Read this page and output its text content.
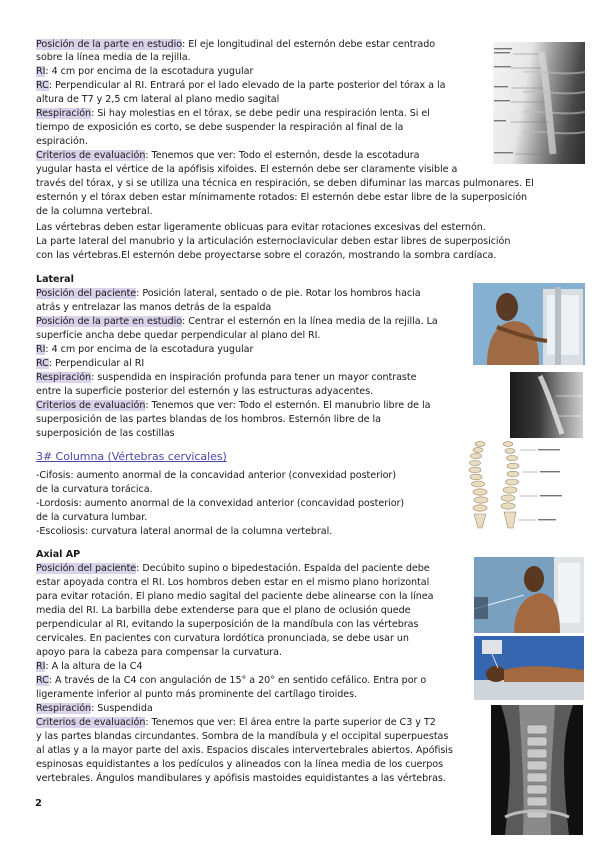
Posición de la parte en estudio: El eje longitudinal del esternón debe estar centrado
sobre la línea media de la rejilla.
RI: 4 cm por encima de la escotadura yugular
RC: Perpendicular al RI. Entrará por el lado elevado de la parte posterior del tórax a la
altura de T7 y 2,5 cm lateral al plano medio sagital
Respiración: Si hay molestias en el tórax, se debe pedir una respiración lenta. Si el
tiempo de exposición es corto, se debe suspender la respiración al final de la
espiración.
Criterios de evaluación: Tenemos que ver: Todo el esternón, desde la escotadura
yugular hasta el vértice de la apófisis xifoides. El esternón debe ser claramente visible a
través del tórax, y si se utiliza una técnica en respiración, se deben difuminar las marcas pulmonares. El
esternón y el tórax deben estar mínimamente rotados: El esternón debe estar libre de la superposición
de la columna vertebral.
Las vértebras deben estar ligeramente oblicuas para evitar rotaciones excesivas del esternón.
La parte lateral del manubrio y la articulación esternoclavicular deben estar libres de superposición
con las vértebras.El esternón debe proyectarse sobre el corazón, mostrando la sombra cardíaca.
Lateral
Posición del paciente: Posición lateral, sentado o de pie. Rotar los hombros hacia
atrás y entrelazar las manos detrás de la espalda
Posición de la parte en estudio: Centrar el esternón en la línea media de la rejilla. La
superficie ancha debe quedar perpendicular al plano del RI.
RI: 4 cm por encima de la escotadura yugular
RC: Perpendicular al RI
Respiración: suspendida en inspiración profunda para tener un mayor contraste
entre la superficie posterior del esternón y las estructuras adyacentes.
Criterios de evaluación: Tenemos que ver: Todo el esternón. El manubrio libre de la
superposición de las partes blandas de los hombros. Esternón libre de la
superposición de las costillas
3# Columna (Vértebras cervicales)
-Cifosis: aumento anormal de la concavidad anterior (convexidad posterior)
de la curvatura torácica.
-Lordosis: aumento anormal de la convexidad anterior (concavidad posterior)
de la curvatura lumbar.
-Escoliosis: curvatura lateral anormal de la columna vertebral.
Axial AP
Posición del paciente: Decúbito supino o bipedestación. Espalda del paciente debe
estar apoyada contra el RI. Los hombros deben estar en el mismo plano horizontal
para evitar rotación. El plano medio sagital del paciente debe alinearse con la línea
media del RI. La barbilla debe extenderse para que el plano de oclusión quede
perpendicular al RI, evitando la superposición de la mandíbula con las vértebras
cervicales. En pacientes con curvatura lordótica pronunciada, se debe usar un
apoyo para la cabeza para compensar la curvatura.
RI: A la altura de la C4
RC: A través de la C4 con angulación de 15° a 20° en sentido cefálico. Entra por o
ligeramente inferior al punto más prominente del cartílago tiroides.
Respiración: Suspendida
Criterios de evaluación: Tenemos que ver: El área entre la parte superior de C3 y T2
y las partes blandas circundantes. Sombra de la mandíbula y el occipital superpuestas
al atlas y a la mayor parte del axis. Espacios discales intervertebrales abiertos. Apófisis
espinosas equidistantes a los pedículos y alineados con la línea media de los cuerpos
vertebrales. Ángulos mandibulares y apófisis mastoides equidistantes a las vértebras.
2
